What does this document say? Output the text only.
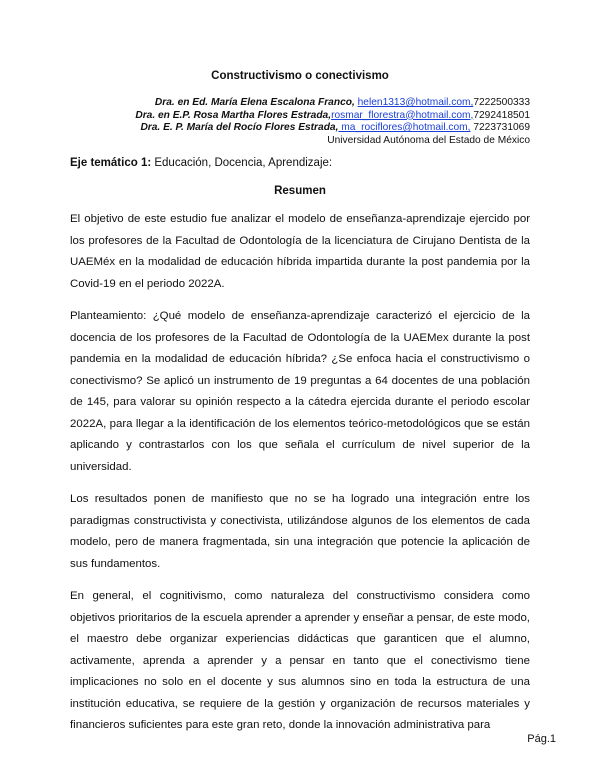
Constructivismo o conectivismo
Dra. en Ed. María Elena Escalona Franco, helen1313@hotmail.com,7222500333
Dra. en E.P. Rosa Martha Flores Estrada,rosmar_florestra@hotmail.com,7292418501
Dra. E. P. María del Rocío Flores Estrada, ma_rociflores@hotmail.com, 7223731069
Universidad Autónoma del Estado de México
Eje temático 1: Educación, Docencia, Aprendizaje:
Resumen

El objetivo de este estudio fue analizar el modelo de enseñanza-aprendizaje ejercido por los profesores de la Facultad de Odontología de la licenciatura de Cirujano Dentista de la UAEMéx en la modalidad de educación híbrida impartida durante la post pandemia por la Covid-19 en el periodo 2022A.

Planteamiento: ¿Qué modelo de enseñanza-aprendizaje caracterizó el ejercicio de la docencia de los profesores de la Facultad de Odontología de la UAEMex durante la post pandemia en la modalidad de educación híbrida? ¿Se enfoca hacia el constructivismo o conectivismo? Se aplicó un instrumento de 19 preguntas a 64 docentes de una población de 145, para valorar su opinión respecto a la cátedra ejercida durante el periodo escolar 2022A, para llegar a la identificación de los elementos teórico-metodológicos que se están aplicando y contrastarlos con los que señala el currículum de nivel superior de la universidad.

Los resultados ponen de manifiesto que no se ha logrado una integración entre los paradigmas constructivista y conectivista, utilizándose algunos de los elementos de cada modelo, pero de manera fragmentada, sin una integración que potencie la aplicación de sus fundamentos.

En general, el cognitivismo, como naturaleza del constructivismo considera como objetivos prioritarios de la escuela aprender a aprender y enseñar a pensar, de este modo, el maestro debe organizar experiencias didácticas que garanticen que el alumno, activamente, aprenda a aprender y a pensar en tanto que el conectivismo tiene implicaciones no solo en el docente y sus alumnos sino en toda la estructura de una institución educativa, se requiere de la gestión y organización de recursos materiales y financieros suficientes para este gran reto, donde la innovación administrativa para

Pág.1
